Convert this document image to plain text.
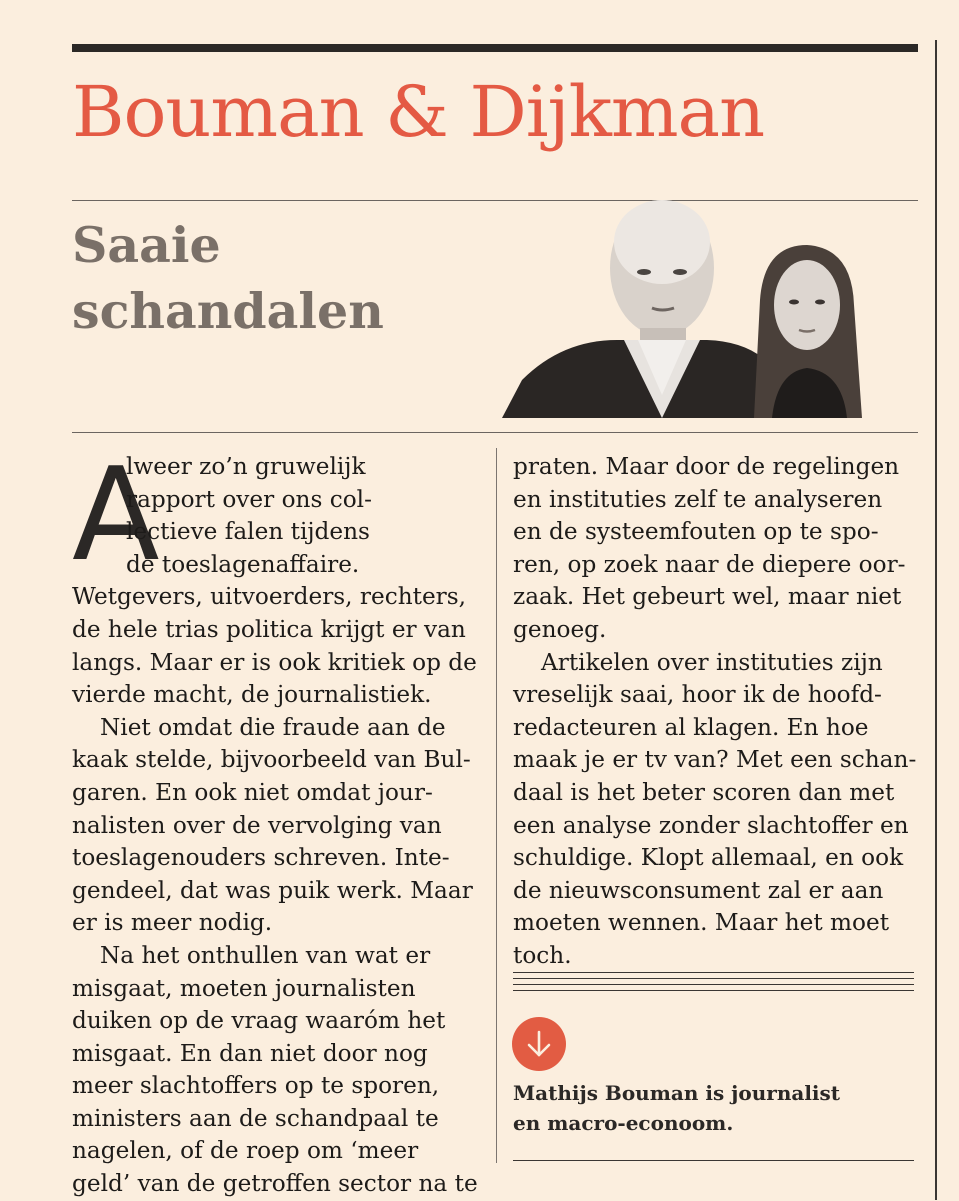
Bouman & Dijkman
Saaie
schandalen
A
lweer zo’n gruwelijk
rapport over ons col-
lectieve falen tijdens
de toeslagenaffaire.
Wetgevers, uitvoerders, rechters,
de hele trias politica krijgt er van
langs. Maar er is ook kritiek op de
vierde macht, de journalistiek.
Niet omdat die fraude aan de
kaak stelde, bijvoorbeeld van Bul-
garen. En ook niet omdat jour-
nalisten over de vervolging van
toeslagenouders schreven. Inte-
gendeel, dat was puik werk. Maar
er is meer nodig.
Na het onthullen van wat er
misgaat, moeten journalisten
duiken op de vraag waaróm het
misgaat. En dan niet door nog
meer slachtoffers op te sporen,
ministers aan de schandpaal te
nagelen, of de roep om ‘meer
geld’ van de getroffen sector na te
praten. Maar door de regelingen
en instituties zelf te analyseren
en de systeemfouten op te spo-
ren, op zoek naar de diepere oor-
zaak. Het gebeurt wel, maar niet
genoeg.
Artikelen over instituties zijn
vreselijk saai, hoor ik de hoofd-
redacteuren al klagen. En hoe
maak je er tv van? Met een schan-
daal is het beter scoren dan met
een analyse zonder slachtoffer en
schuldige. Klopt allemaal, en ook
de nieuwsconsument zal er aan
moeten wennen. Maar het moet
toch.
Mathijs Bouman is journalist
en macro-econoom.
